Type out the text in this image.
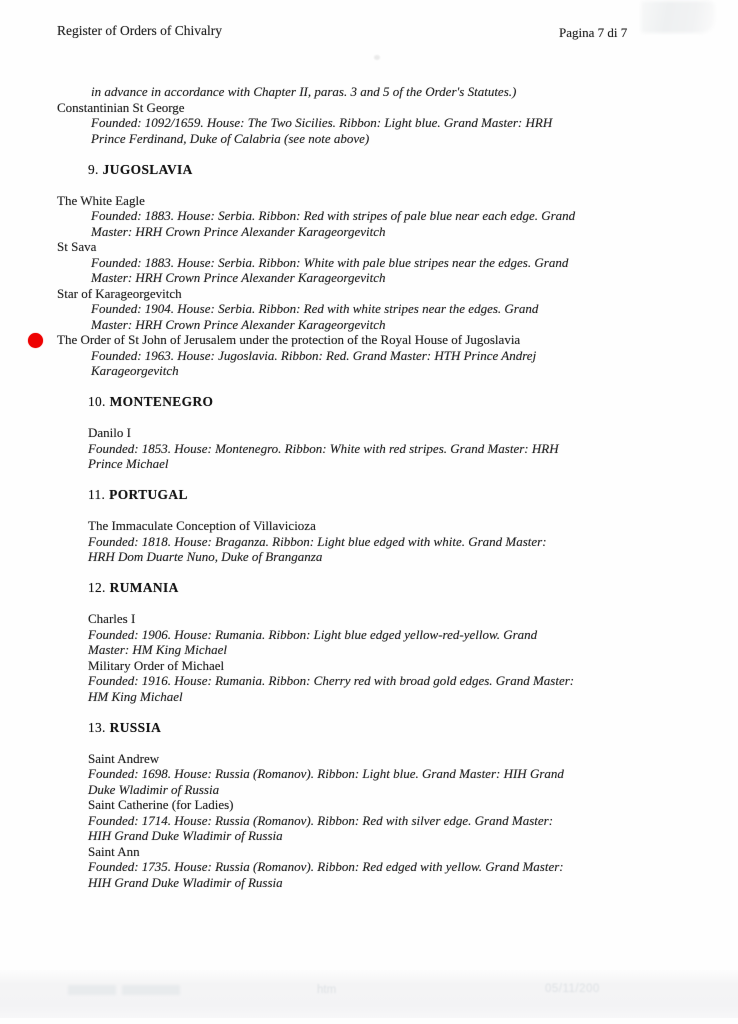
Register of Orders of Chivalry	Pagina 7 di 7
in advance in accordance with Chapter II, paras. 3 and 5 of the Order's Statutes.)
Constantinian St George
Founded: 1092/1659. House: The Two Sicilies. Ribbon: Light blue. Grand Master: HRH
Prince Ferdinand, Duke of Calabria (see note above)
9. JUGOSLAVIA
The White Eagle
Founded: 1883. House: Serbia. Ribbon: Red with stripes of pale blue near each edge. Grand
Master: HRH Crown Prince Alexander Karageorgevitch
St Sava
Founded: 1883. House: Serbia. Ribbon: White with pale blue stripes near the edges. Grand
Master: HRH Crown Prince Alexander Karageorgevitch
Star of Karageorgevitch
Founded: 1904. House: Serbia. Ribbon: Red with white stripes near the edges. Grand
Master: HRH Crown Prince Alexander Karageorgevitch
The Order of St John of Jerusalem under the protection of the Royal House of Jugoslavia
Founded: 1963. House: Jugoslavia. Ribbon: Red. Grand Master: HTH Prince Andrej
Karageorgevitch
10. MONTENEGRO
Danilo I
Founded: 1853. House: Montenegro. Ribbon: White with red stripes. Grand Master: HRH
Prince Michael
11. PORTUGAL
The Immaculate Conception of Villavicioza
Founded: 1818. House: Braganza. Ribbon: Light blue edged with white. Grand Master:
HRH Dom Duarte Nuno, Duke of Branganza
12. RUMANIA
Charles I
Founded: 1906. House: Rumania. Ribbon: Light blue edged yellow-red-yellow. Grand
Master: HM King Michael
Military Order of Michael
Founded: 1916. House: Rumania. Ribbon: Cherry red with broad gold edges. Grand Master:
HM King Michael
13. RUSSIA
Saint Andrew
Founded: 1698. House: Russia (Romanov). Ribbon: Light blue. Grand Master: HIH Grand
Duke Wladimir of Russia
Saint Catherine (for Ladies)
Founded: 1714. House: Russia (Romanov). Ribbon: Red with silver edge. Grand Master:
HIH Grand Duke Wladimir of Russia
Saint Ann
Founded: 1735. House: Russia (Romanov). Ribbon: Red edged with yellow. Grand Master:
HIH Grand Duke Wladimir of Russia
htm	05/11/200
